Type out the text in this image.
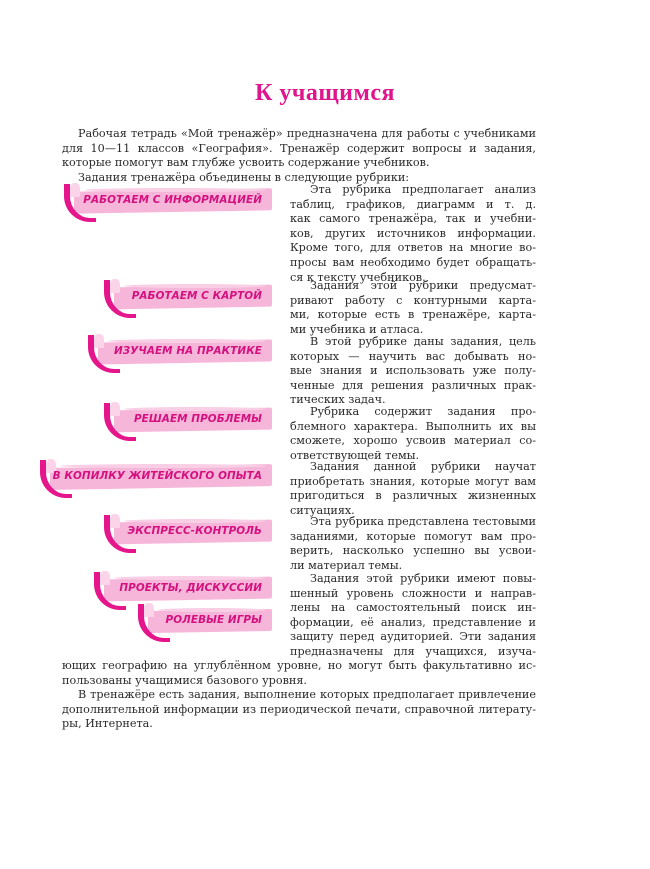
К учащимся
Рабочая тетрадь «Мой тренажёр» предназначена для работы с учебниками
для 10—11 классов «География». Тренажёр содержит вопросы и задания,
которые помогут вам глубже усвоить содержание учебников.
Задания тренажёра объединены в следующие рубрики:
РАБОТАЕМ С ИНФОРМАЦИЕЙ
Эта рубрика предполагает анализ
таблиц, графиков, диаграмм и т. д.
как самого тренажёра, так и учебни-
ков, других источников информации.
Кроме того, для ответов на многие во-
просы вам необходимо будет обращать-
ся к тексту учебников.
РАБОТАЕМ С КАРТОЙ
Задания этой рубрики предусмат-
ривают работу с контурными карта-
ми, которые есть в тренажёре, карта-
ми учебника и атласа.
ИЗУЧАЕМ НА ПРАКТИКЕ
В этой рубрике даны задания, цель
которых — научить вас добывать но-
вые знания и использовать уже полу-
ченные для решения различных прак-
тических задач.
РЕШАЕМ ПРОБЛЕМЫ
Рубрика содержит задания про-
блемного характера. Выполнить их вы
сможете, хорошо усвоив материал со-
ответствующей темы.
В КОПИЛКУ ЖИТЕЙСКОГО ОПЫТА
Задания данной рубрики научат
приобретать знания, которые могут вам
пригодиться в различных жизненных
ситуациях.
ЭКСПРЕСС-КОНТРОЛЬ
Эта рубрика представлена тестовыми
заданиями, которые помогут вам про-
верить, насколько успешно вы усвои-
ли материал темы.
ПРОЕКТЫ, ДИСКУССИИ
РОЛЕВЫЕ ИГРЫ
Задания этой рубрики имеют повы-
шенный уровень сложности и направ-
лены на самостоятельный поиск ин-
формации, её анализ, представление и
защиту перед аудиторией. Эти задания
предназначены для учащихся, изуча-
ющих географию на углублённом уровне, но могут быть факультативно ис-
пользованы учащимися базового уровня.
В тренажёре есть задания, выполнение которых предполагает привлечение
дополнительной информации из периодической печати, справочной литерату-
ры, Интернета.
